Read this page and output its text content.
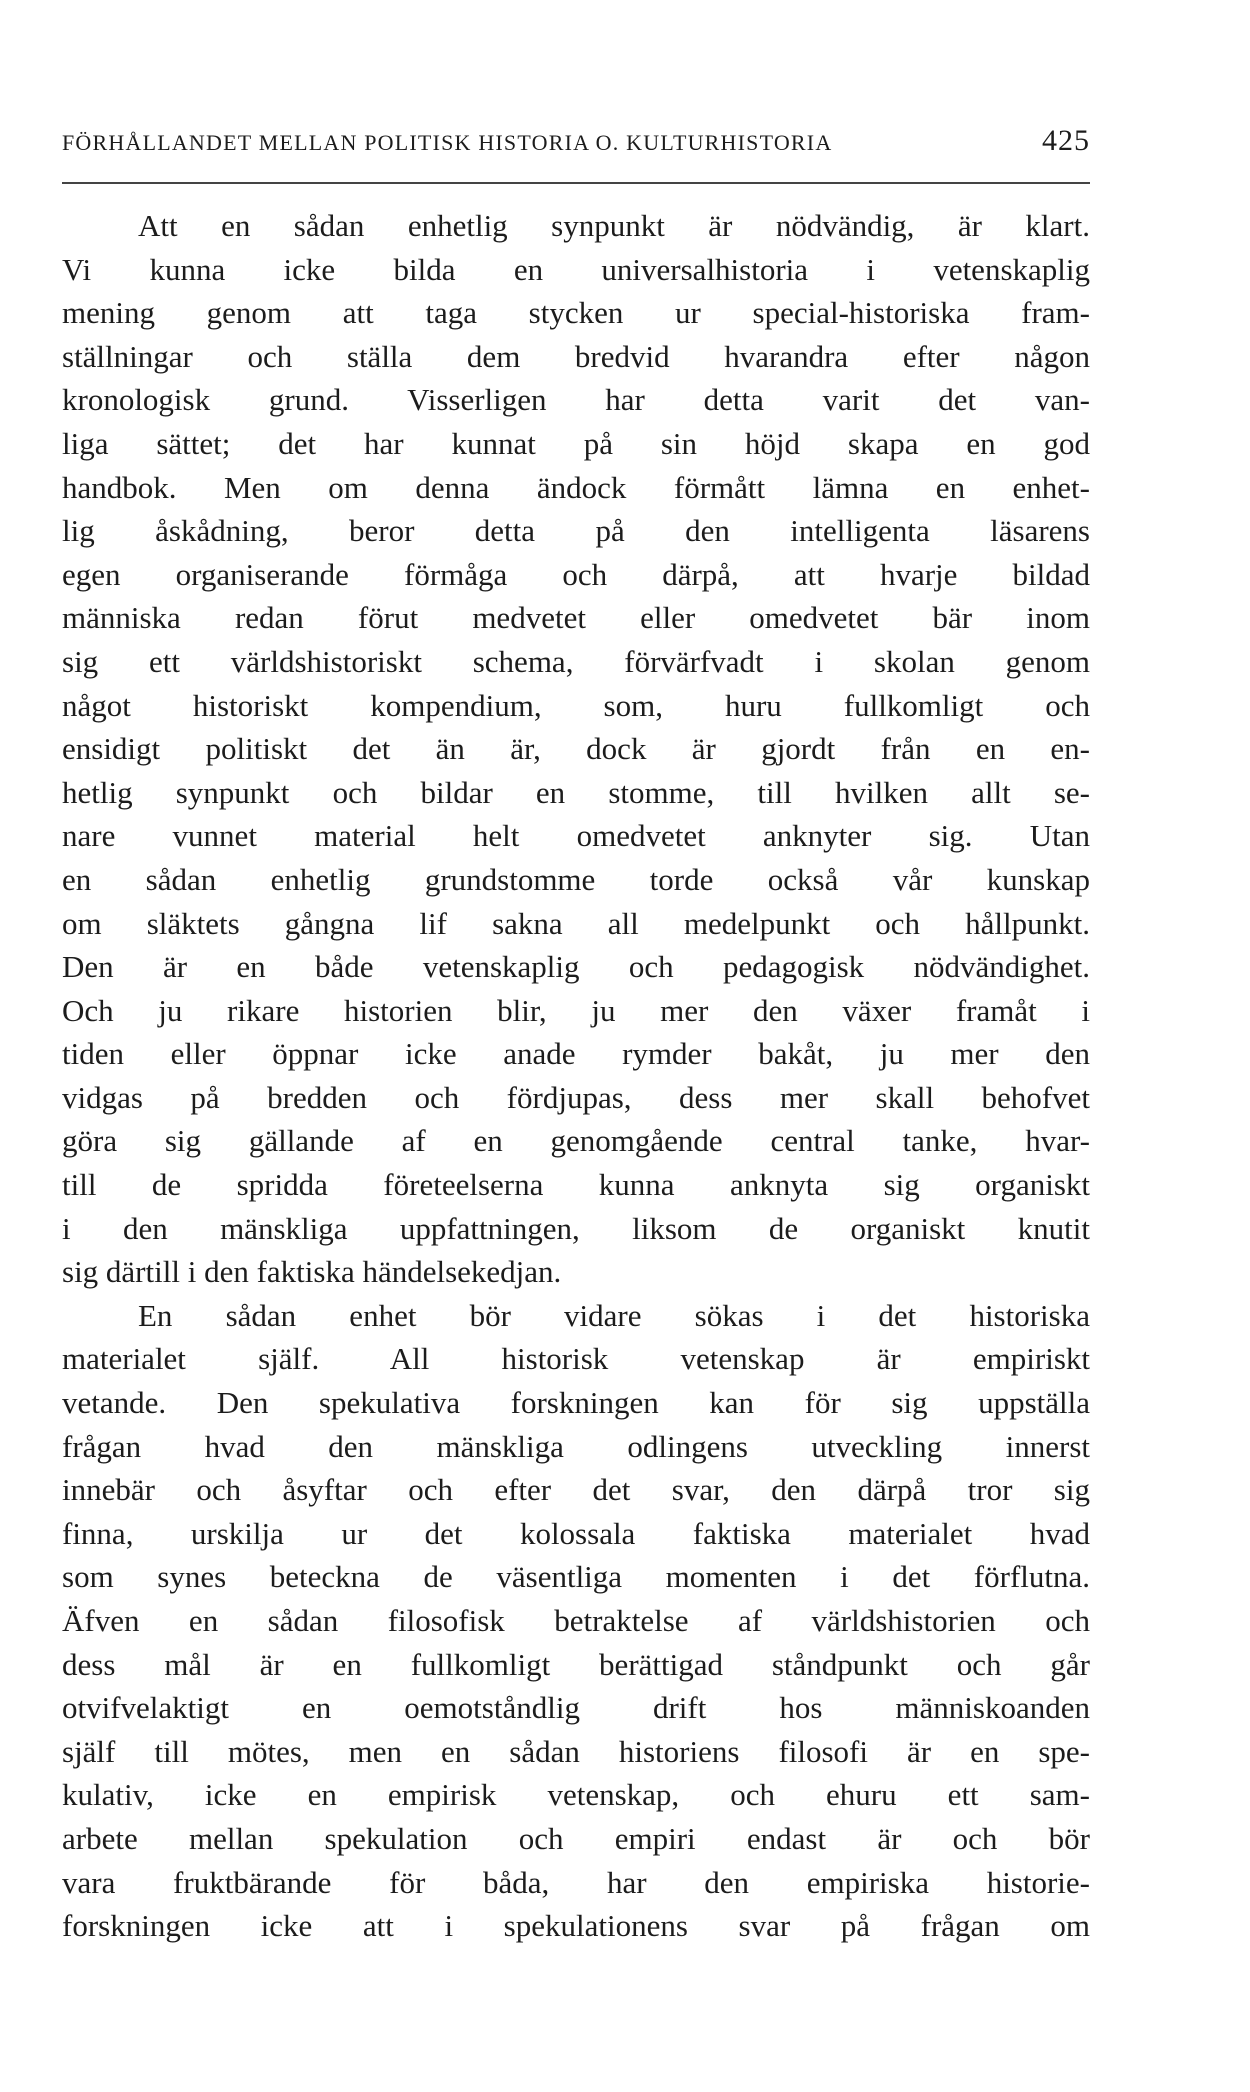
FÖRHÅLLANDET MELLAN POLITISK HISTORIA O. KULTURHISTORIA	425
Att en sådan enhetlig synpunkt är nödvändig, är klart.
Vi kunna icke bilda en universalhistoria i vetenskaplig
mening genom att taga stycken ur special-historiska fram-
ställningar och ställa dem bredvid hvarandra efter någon
kronologisk grund. Visserligen har detta varit det van-
liga sättet; det har kunnat på sin höjd skapa en god
handbok. Men om denna ändock förmått lämna en enhet-
lig åskådning, beror detta på den intelligenta läsarens
egen organiserande förmåga och därpå, att hvarje bildad
människa redan förut medvetet eller omedvetet bär inom
sig ett världshistoriskt schema, förvärfvadt i skolan genom
något historiskt kompendium, som, huru fullkomligt och
ensidigt politiskt det än är, dock är gjordt från en en-
hetlig synpunkt och bildar en stomme, till hvilken allt se-
nare vunnet material helt omedvetet anknyter sig. Utan
en sådan enhetlig grundstomme torde också vår kunskap
om släktets gångna lif sakna all medelpunkt och hållpunkt.
Den är en både vetenskaplig och pedagogisk nödvändighet.
Och ju rikare historien blir, ju mer den växer framåt i
tiden eller öppnar icke anade rymder bakåt, ju mer den
vidgas på bredden och fördjupas, dess mer skall behofvet
göra sig gällande af en genomgående central tanke, hvar-
till de spridda företeelserna kunna anknyta sig organiskt
i den mänskliga uppfattningen, liksom de organiskt knutit
sig därtill i den faktiska händelsekedjan.
En sådan enhet bör vidare sökas i det historiska
materialet själf. All historisk vetenskap är empiriskt
vetande. Den spekulativa forskningen kan för sig uppställa
frågan hvad den mänskliga odlingens utveckling innerst
innebär och åsyftar och efter det svar, den därpå tror sig
finna, urskilja ur det kolossala faktiska materialet hvad
som synes beteckna de väsentliga momenten i det förflutna.
Äfven en sådan filosofisk betraktelse af världshistorien och
dess mål är en fullkomligt berättigad ståndpunkt och går
otvifvelaktigt en oemotståndlig drift hos människoanden
själf till mötes, men en sådan historiens filosofi är en spe-
kulativ, icke en empirisk vetenskap, och ehuru ett sam-
arbete mellan spekulation och empiri endast är och bör
vara fruktbärande för båda, har den empiriska historie-
forskningen icke att i spekulationens svar på frågan om
